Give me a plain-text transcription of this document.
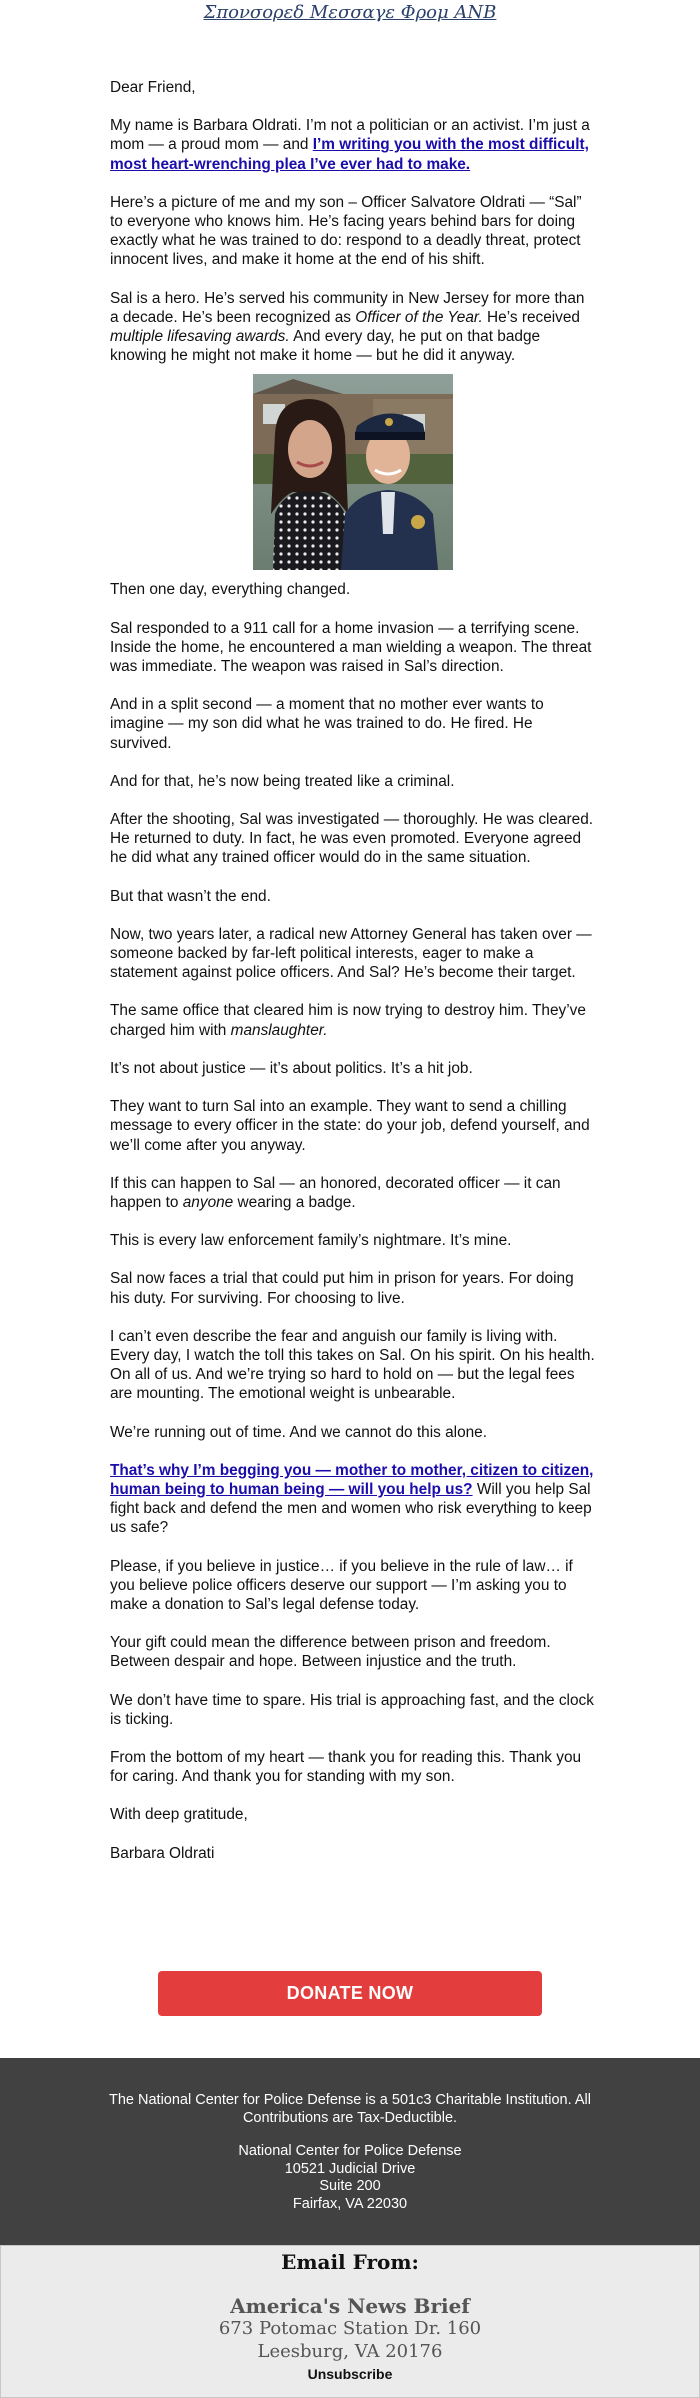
Σπονσορεδ Μεσσαγε Φρομ ANB

Dear Friend,

My name is Barbara Oldrati. I’m not a politician or an activist. I’m just a mom — a proud mom — and I’m writing you with the most difficult, most heart-wrenching plea I’ve ever had to make.

Here’s a picture of me and my son – Officer Salvatore Oldrati — “Sal” to everyone who knows him. He’s facing years behind bars for doing exactly what he was trained to do: respond to a deadly threat, protect innocent lives, and make it home at the end of his shift.

Sal is a hero. He’s served his community in New Jersey for more than a decade. He’s been recognized as Officer of the Year. He’s received multiple lifesaving awards. And every day, he put on that badge knowing he might not make it home — but he did it anyway.

Then one day, everything changed.

Sal responded to a 911 call for a home invasion — a terrifying scene. Inside the home, he encountered a man wielding a weapon. The threat was immediate. The weapon was raised in Sal’s direction.

And in a split second — a moment that no mother ever wants to imagine — my son did what he was trained to do. He fired. He survived.

And for that, he’s now being treated like a criminal.

After the shooting, Sal was investigated — thoroughly. He was cleared. He returned to duty. In fact, he was even promoted. Everyone agreed he did what any trained officer would do in the same situation.

But that wasn’t the end.

Now, two years later, a radical new Attorney General has taken over — someone backed by far-left political interests, eager to make a statement against police officers. And Sal? He’s become their target.

The same office that cleared him is now trying to destroy him. They’ve charged him with manslaughter.

It’s not about justice — it’s about politics. It’s a hit job.

They want to turn Sal into an example. They want to send a chilling message to every officer in the state: do your job, defend yourself, and we’ll come after you anyway.

If this can happen to Sal — an honored, decorated officer — it can happen to anyone wearing a badge.

This is every law enforcement family’s nightmare. It’s mine.

Sal now faces a trial that could put him in prison for years. For doing his duty. For surviving. For choosing to live.

I can’t even describe the fear and anguish our family is living with. Every day, I watch the toll this takes on Sal. On his spirit. On his health. On all of us. And we’re trying so hard to hold on — but the legal fees are mounting. The emotional weight is unbearable.

We’re running out of time. And we cannot do this alone.

That’s why I’m begging you — mother to mother, citizen to citizen, human being to human being — will you help us? Will you help Sal fight back and defend the men and women who risk everything to keep us safe?

Please, if you believe in justice… if you believe in the rule of law… if you believe police officers deserve our support — I’m asking you to make a donation to Sal’s legal defense today.

Your gift could mean the difference between prison and freedom. Between despair and hope. Between injustice and the truth.

We don’t have time to spare. His trial is approaching fast, and the clock is ticking.

From the bottom of my heart — thank you for reading this. Thank you for caring. And thank you for standing with my son.

With deep gratitude,

Barbara Oldrati

DONATE NOW
The National Center for Police Defense is a 501c3 Charitable Institution. All Contributions are Tax-Deductible.
National Center for Police Defense
10521 Judicial Drive
Suite 200
Fairfax, VA 22030
Email From:
America's News Brief
673 Potomac Station Dr. 160
Leesburg, VA 20176
Unsubscribe
